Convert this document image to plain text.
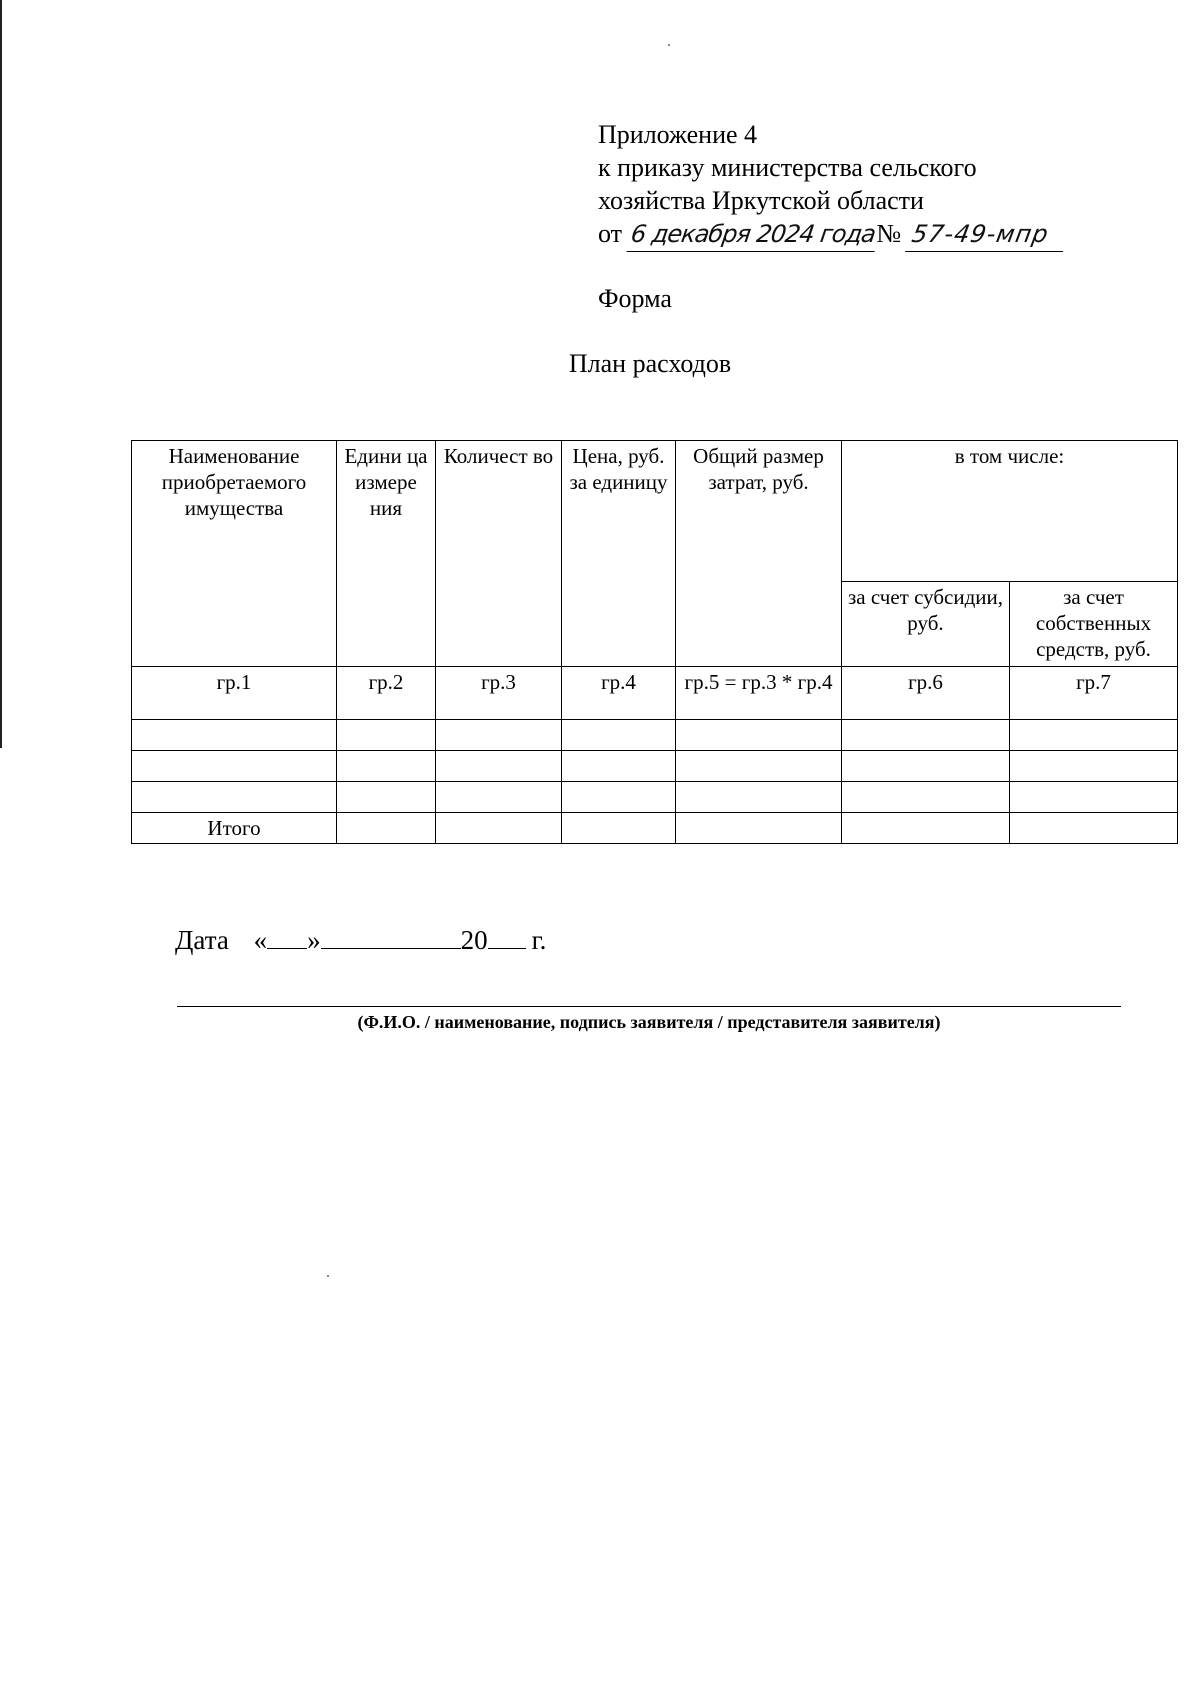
Приложение 4
к приказу министерства сельского
хозяйства Иркутской области
от 6 декабря 2024 года№ 57-49-мпр
Форма
План расходов
Наименование приобретаемого имущества	Едини ца измере ния	Количест во	Цена, руб. за единицу	Общий размер затрат, руб.	в том числе:	
					за счет субсидии, руб.	за счет собственных средств, руб.
гр.1	гр.2	гр.3	гр.4	гр.5 = гр.3 * гр.4	гр.6	гр.7

Итого						
Дата « »	20 г.
(Ф.И.О. / наименование, подпись заявителя / представителя заявителя)
